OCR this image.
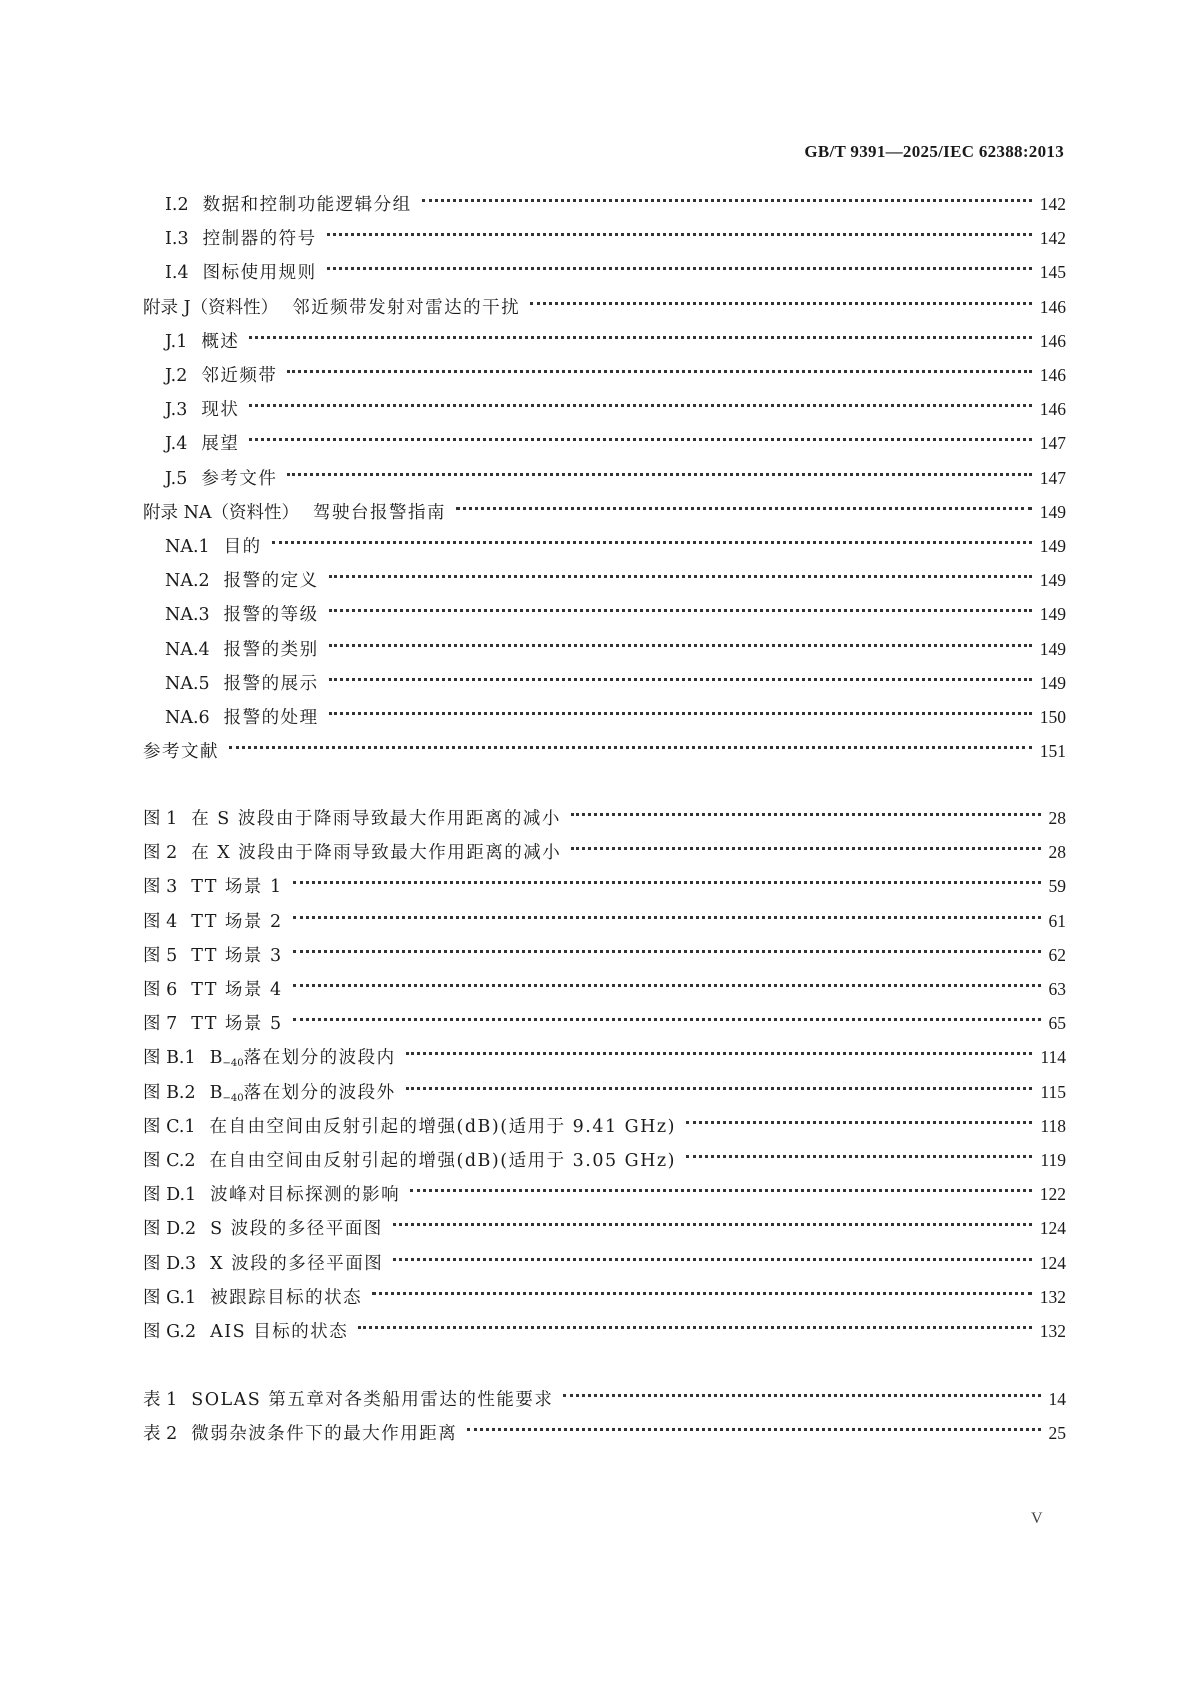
GB/T 9391—2025/IEC 62388:2013
I.2 数据和控制功能逻辑分组	142
I.3 控制器的符号	142
I.4 图标使用规则	145
附录 J（资料性） 邻近频带发射对雷达的干扰	146
J.1 概述	146
J.2 邻近频带	146
J.3 现状	146
J.4 展望	147
J.5 参考文件	147
附录 NA（资料性） 驾驶台报警指南	149
NA.1 目的	149
NA.2 报警的定义	149
NA.3 报警的等级	149
NA.4 报警的类别	149
NA.5 报警的展示	149
NA.6 报警的处理	150
参考文献	151
图 1 在 S 波段由于降雨导致最大作用距离的减小	28
图 2 在 X 波段由于降雨导致最大作用距离的减小	28
图 3 TT 场景 1	59
图 4 TT 场景 2	61
图 5 TT 场景 3	62
图 6 TT 场景 4	63
图 7 TT 场景 5	65
图 B.1 $B_{-40}$落在划分的波段内	114
图 B.2 $B_{-40}$落在划分的波段外	115
图 C.1 在自由空间由反射引起的增强(dB)(适用于 9.41 GHz)	118
图 C.2 在自由空间由反射引起的增强(dB)(适用于 3.05 GHz)	119
图 D.1 波峰对目标探测的影响	122
图 D.2 S 波段的多径平面图	124
图 D.3 X 波段的多径平面图	124
图 G.1 被跟踪目标的状态	132
图 G.2 AIS 目标的状态	132
表 1 SOLAS 第五章对各类船用雷达的性能要求	14
表 2 微弱杂波条件下的最大作用距离	25
V
